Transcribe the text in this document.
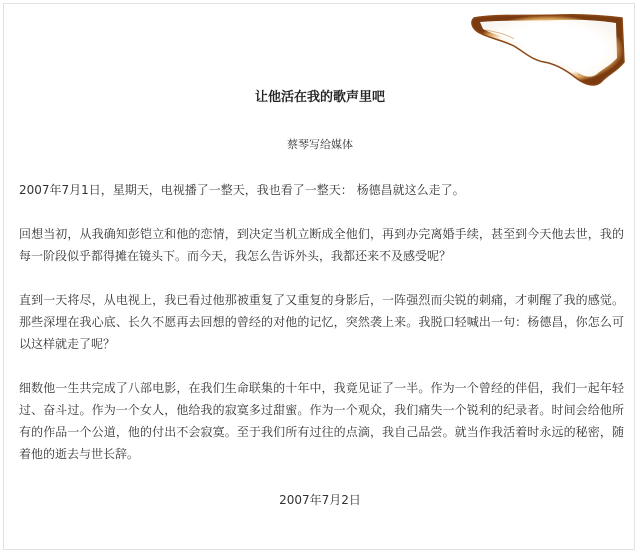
让他活在我的歌声里吧

蔡琴写给媒体

2007年7月1日，星期天，电视播了一整天，我也看了一整天： 杨德昌就这么走了。

回想当初，从我确知彭铠立和他的恋情，到决定当机立断成全他们，再到办完离婚手续，甚至到今天他去世，我的每一阶段似乎都得摊在镜头下。而今天，我怎么告诉外头，我都还来不及感受呢？

直到一天将尽，从电视上，我已看过他那被重复了又重复的身影后，一阵强烈而尖锐的刺痛，才刺醒了我的感觉。那些深埋在我心底、长久不愿再去回想的曾经的对他的记忆，突然袭上来。我脱口轻喊出一句：杨德昌，你怎么可以这样就走了呢？

细数他一生共完成了八部电影，在我们生命联集的十年中，我竟见证了一半。作为一个曾经的伴侣，我们一起年轻过、奋斗过。作为一个女人，他给我的寂寞多过甜蜜。作为一个观众，我们痛失一个锐利的纪录者。时间会给他所有的作品一个公道，他的付出不会寂寞。至于我们所有过往的点滴，我自己品尝。就当作我活着时永远的秘密，随着他的逝去与世长辞。

2007年7月2日
